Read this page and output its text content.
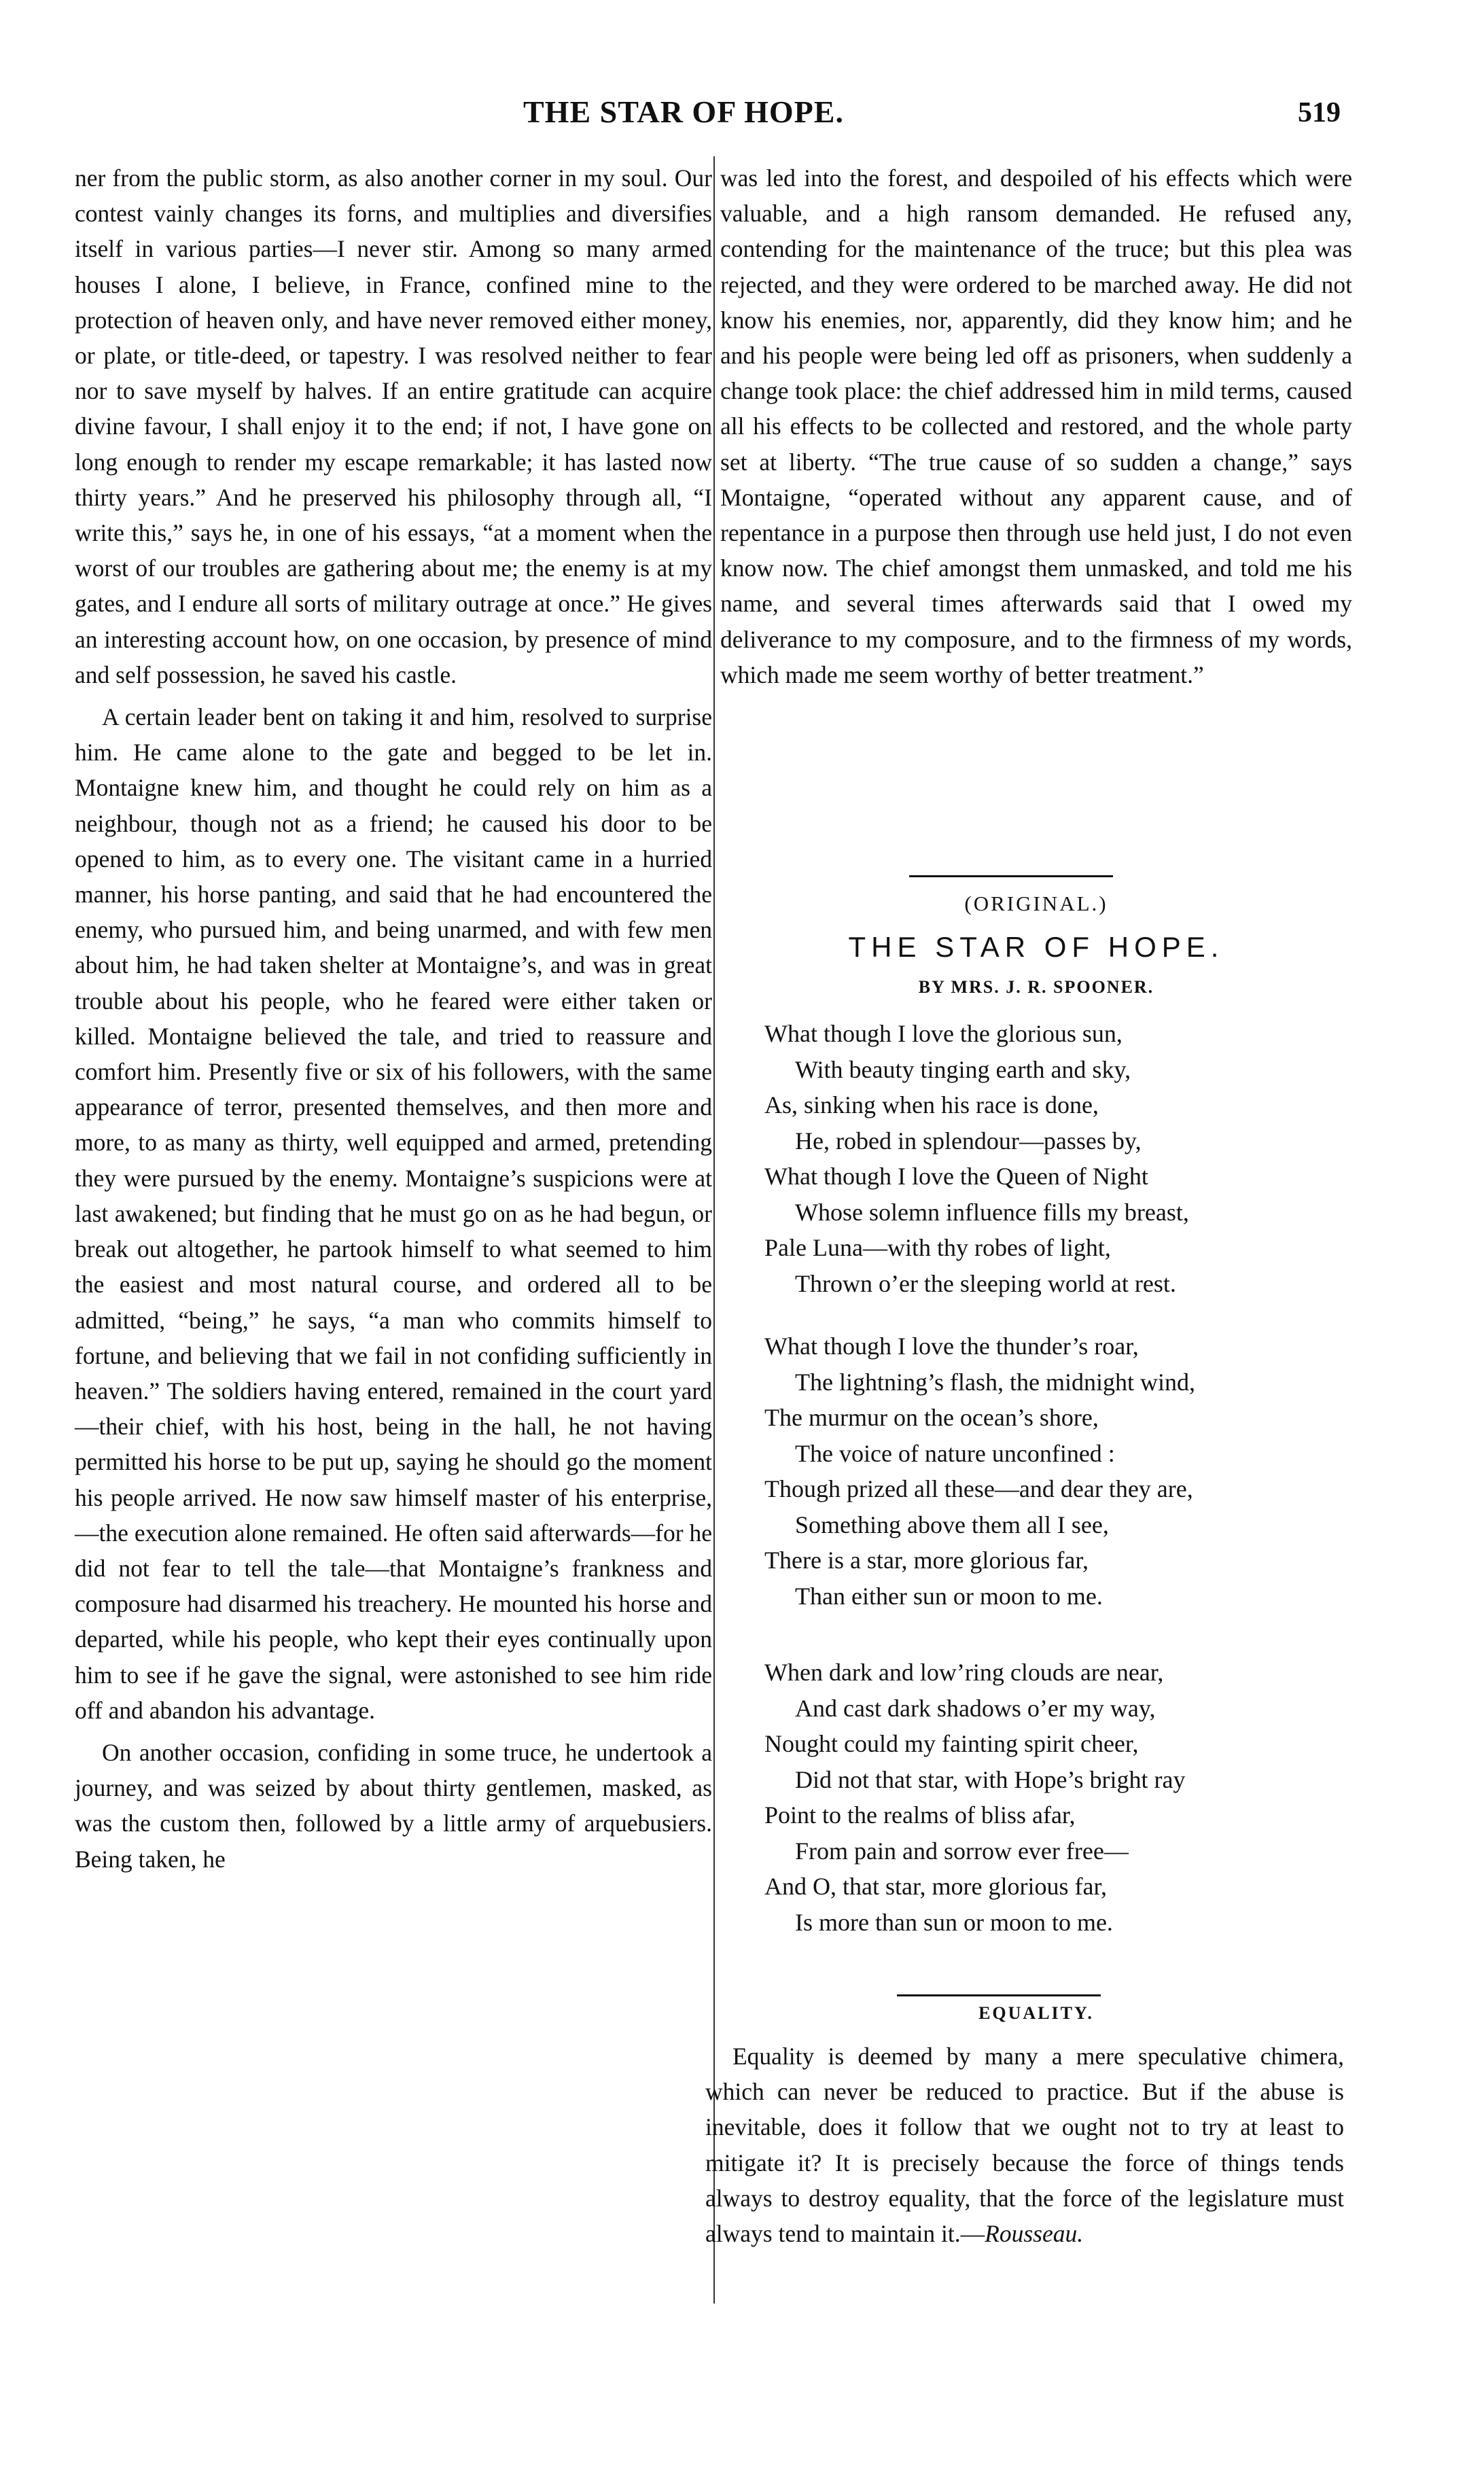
THE STAR OF HOPE.	519

ner from the public storm, as also another corner in my soul. Our contest vainly changes its forns, and multiplies and diversifies itself in various parties—I never stir. Among so many armed houses I alone, I believe, in France, confined mine to the protection of heaven only, and have never removed either money, or plate, or title-deed, or tapestry. I was resolved neither to fear nor to save myself by halves. If an entire gratitude can acquire divine favour, I shall enjoy it to the end; if not, I have gone on long enough to render my escape remarkable; it has lasted now thirty years.” And he preserved his philosophy through all, “I write this,” says he, in one of his essays, “at a moment when the worst of our troubles are gathering about me; the enemy is at my gates, and I endure all sorts of military outrage at once.” He gives an interesting account how, on one occasion, by presence of mind and self possession, he saved his castle.

A certain leader bent on taking it and him, resolved to surprise him. He came alone to the gate and begged to be let in. Montaigne knew him, and thought he could rely on him as a neighbour, though not as a friend; he caused his door to be opened to him, as to every one. The visitant came in a hurried manner, his horse panting, and said that he had encountered the enemy, who pursued him, and being unarmed, and with few men about him, he had taken shelter at Montaigne’s, and was in great trouble about his people, who he feared were either taken or killed. Montaigne believed the tale, and tried to reassure and comfort him. Presently five or six of his followers, with the same appearance of terror, presented themselves, and then more and more, to as many as thirty, well equipped and armed, pretending they were pursued by the enemy. Montaigne’s suspicions were at last awakened; but finding that he must go on as he had begun, or break out altogether, he partook himself to what seemed to him the easiest and most natural course, and ordered all to be admitted, “being,” he says, “a man who commits himself to fortune, and believing that we fail in not confiding sufficiently in heaven.” The soldiers having entered, remained in the court yard—their chief, with his host, being in the hall, he not having permitted his horse to be put up, saying he should go the moment his people arrived. He now saw himself master of his enterprise,—the execution alone remained. He often said afterwards—for he did not fear to tell the tale—that Montaigne’s frankness and composure had disarmed his treachery. He mounted his horse and departed, while his people, who kept their eyes continually upon him to see if he gave the signal, were astonished to see him ride off and abandon his advantage.

On another occasion, confiding in some truce, he undertook a journey, and was seized by about thirty gentlemen, masked, as was the custom then, followed by a little army of arquebusiers. Being taken, he

was led into the forest, and despoiled of his effects which were valuable, and a high ransom demanded. He refused any, contending for the maintenance of the truce; but this plea was rejected, and they were ordered to be marched away. He did not know his enemies, nor, apparently, did they know him; and he and his people were being led off as prisoners, when suddenly a change took place: the chief addressed him in mild terms, caused all his effects to be collected and restored, and the whole party set at liberty. “The true cause of so sudden a change,” says Montaigne, “operated without any apparent cause, and of repentance in a purpose then through use held just, I do not even know now. The chief amongst them unmasked, and told me his name, and several times afterwards said that I owed my deliverance to my composure, and to the firmness of my words, which made me seem worthy of better treatment.”

(ORIGINAL.)
THE STAR OF HOPE.
BY MRS. J. R. SPOONER.
What though I love the glorious sun,
With beauty tinging earth and sky,
As, sinking when his race is done,
He, robed in splendour—passes by,
What though I love the Queen of Night
Whose solemn influence fills my breast,
Pale Luna—with thy robes of light,
Thrown o’er the sleeping world at rest.
What though I love the thunder’s roar,
The lightning’s flash, the midnight wind,
The murmur on the ocean’s shore,
The voice of nature unconfined :
Though prized all these—and dear they are,
Something above them all I see,
There is a star, more glorious far,
Than either sun or moon to me.
When dark and low’ring clouds are near,
And cast dark shadows o’er my way,
Nought could my fainting spirit cheer,
Did not that star, with Hope’s bright ray
Point to the realms of bliss afar,
From pain and sorrow ever free—
And O, that star, more glorious far,
Is more than sun or moon to me.
EQUALITY.

Equality is deemed by many a mere speculative chimera, which can never be reduced to practice. But if the abuse is inevitable, does it follow that we ought not to try at least to mitigate it? It is precisely because the force of things tends always to destroy equality, that the force of the legislature must always tend to maintain it.—Rousseau.
